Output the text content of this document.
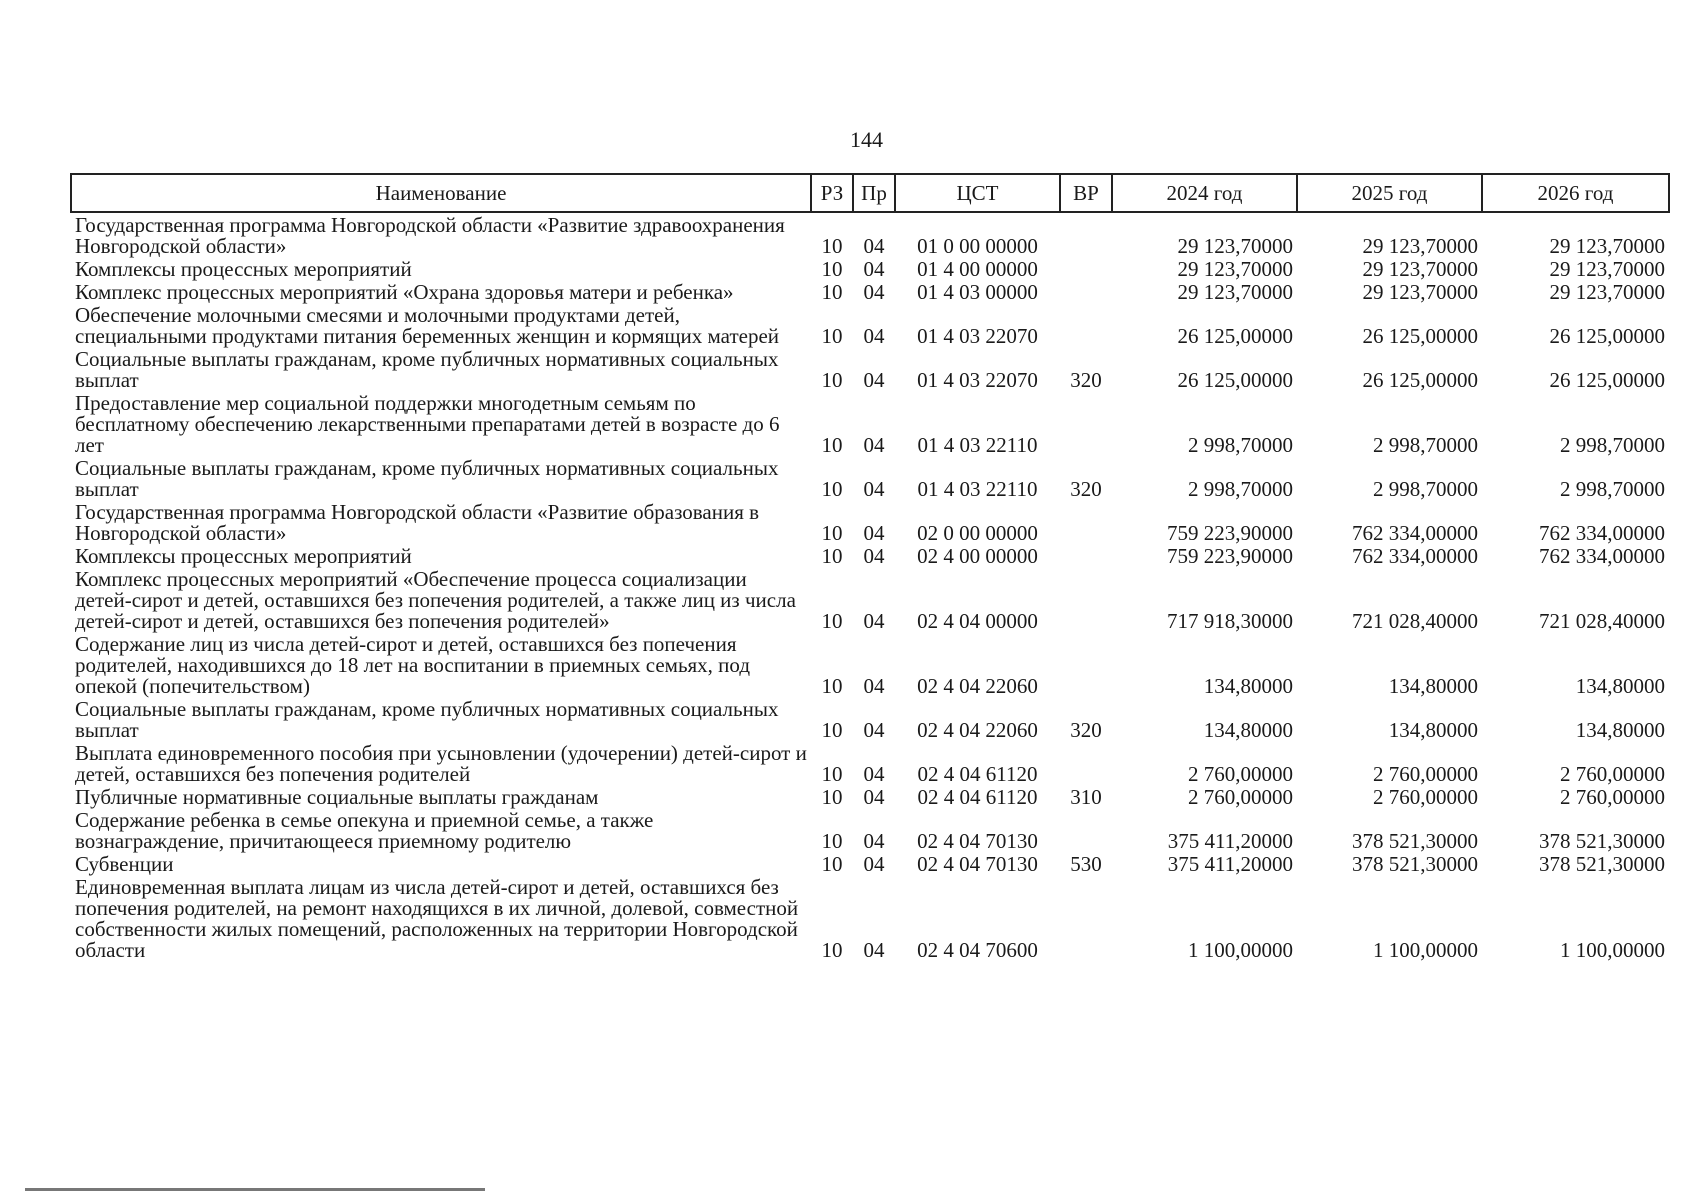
144
Наименование	РЗ	Пр	ЦСТ	ВР	2024 год	2025 год	2026 год
Государственная программа Новгородской области «Развитие здравоохранения Новгородской области»	10	04	01 0 00 00000		29 123,70000	29 123,70000	29 123,70000
Комплексы процессных мероприятий	10	04	01 4 00 00000		29 123,70000	29 123,70000	29 123,70000
Комплекс процессных мероприятий «Охрана здоровья матери и ребенка»	10	04	01 4 03 00000		29 123,70000	29 123,70000	29 123,70000
Обеспечение молочными смесями и молочными продуктами детей, специальными продуктами питания беременных женщин и кормящих матерей	10	04	01 4 03 22070		26 125,00000	26 125,00000	26 125,00000
Социальные выплаты гражданам, кроме публичных нормативных социальных выплат	10	04	01 4 03 22070	320	26 125,00000	26 125,00000	26 125,00000
Предоставление мер социальной поддержки многодетным семьям по бесплатному обеспечению лекарственными препаратами детей в возрасте до 6 лет	10	04	01 4 03 22110		2 998,70000	2 998,70000	2 998,70000
Социальные выплаты гражданам, кроме публичных нормативных социальных выплат	10	04	01 4 03 22110	320	2 998,70000	2 998,70000	2 998,70000
Государственная программа Новгородской области «Развитие образования в Новгородской области»	10	04	02 0 00 00000		759 223,90000	762 334,00000	762 334,00000
Комплексы процессных мероприятий	10	04	02 4 00 00000		759 223,90000	762 334,00000	762 334,00000
Комплекс процессных мероприятий «Обеспечение процесса социализации детей-сирот и детей, оставшихся без попечения родителей, а также лиц из числа детей-сирот и детей, оставшихся без попечения родителей»	10	04	02 4 04 00000		717 918,30000	721 028,40000	721 028,40000
Содержание лиц из числа детей-сирот и детей, оставшихся без попечения родителей, находившихся до 18 лет на воспитании в приемных семьях, под опекой (попечительством)	10	04	02 4 04 22060		134,80000	134,80000	134,80000
Социальные выплаты гражданам, кроме публичных нормативных социальных выплат	10	04	02 4 04 22060	320	134,80000	134,80000	134,80000
Выплата единовременного пособия при усыновлении (удочерении) детей-сирот и детей, оставшихся без попечения родителей	10	04	02 4 04 61120		2 760,00000	2 760,00000	2 760,00000
Публичные нормативные социальные выплаты гражданам	10	04	02 4 04 61120	310	2 760,00000	2 760,00000	2 760,00000
Содержание ребенка в семье опекуна и приемной семье, а также вознаграждение, причитающееся приемному родителю	10	04	02 4 04 70130		375 411,20000	378 521,30000	378 521,30000
Субвенции	10	04	02 4 04 70130	530	375 411,20000	378 521,30000	378 521,30000
Единовременная выплата лицам из числа детей-сирот и детей, оставшихся без попечения родителей, на ремонт находящихся в их личной, долевой, совместной собственности жилых помещений, расположенных на территории Новгородской области	10	04	02 4 04 70600		1 100,00000	1 100,00000	1 100,00000
